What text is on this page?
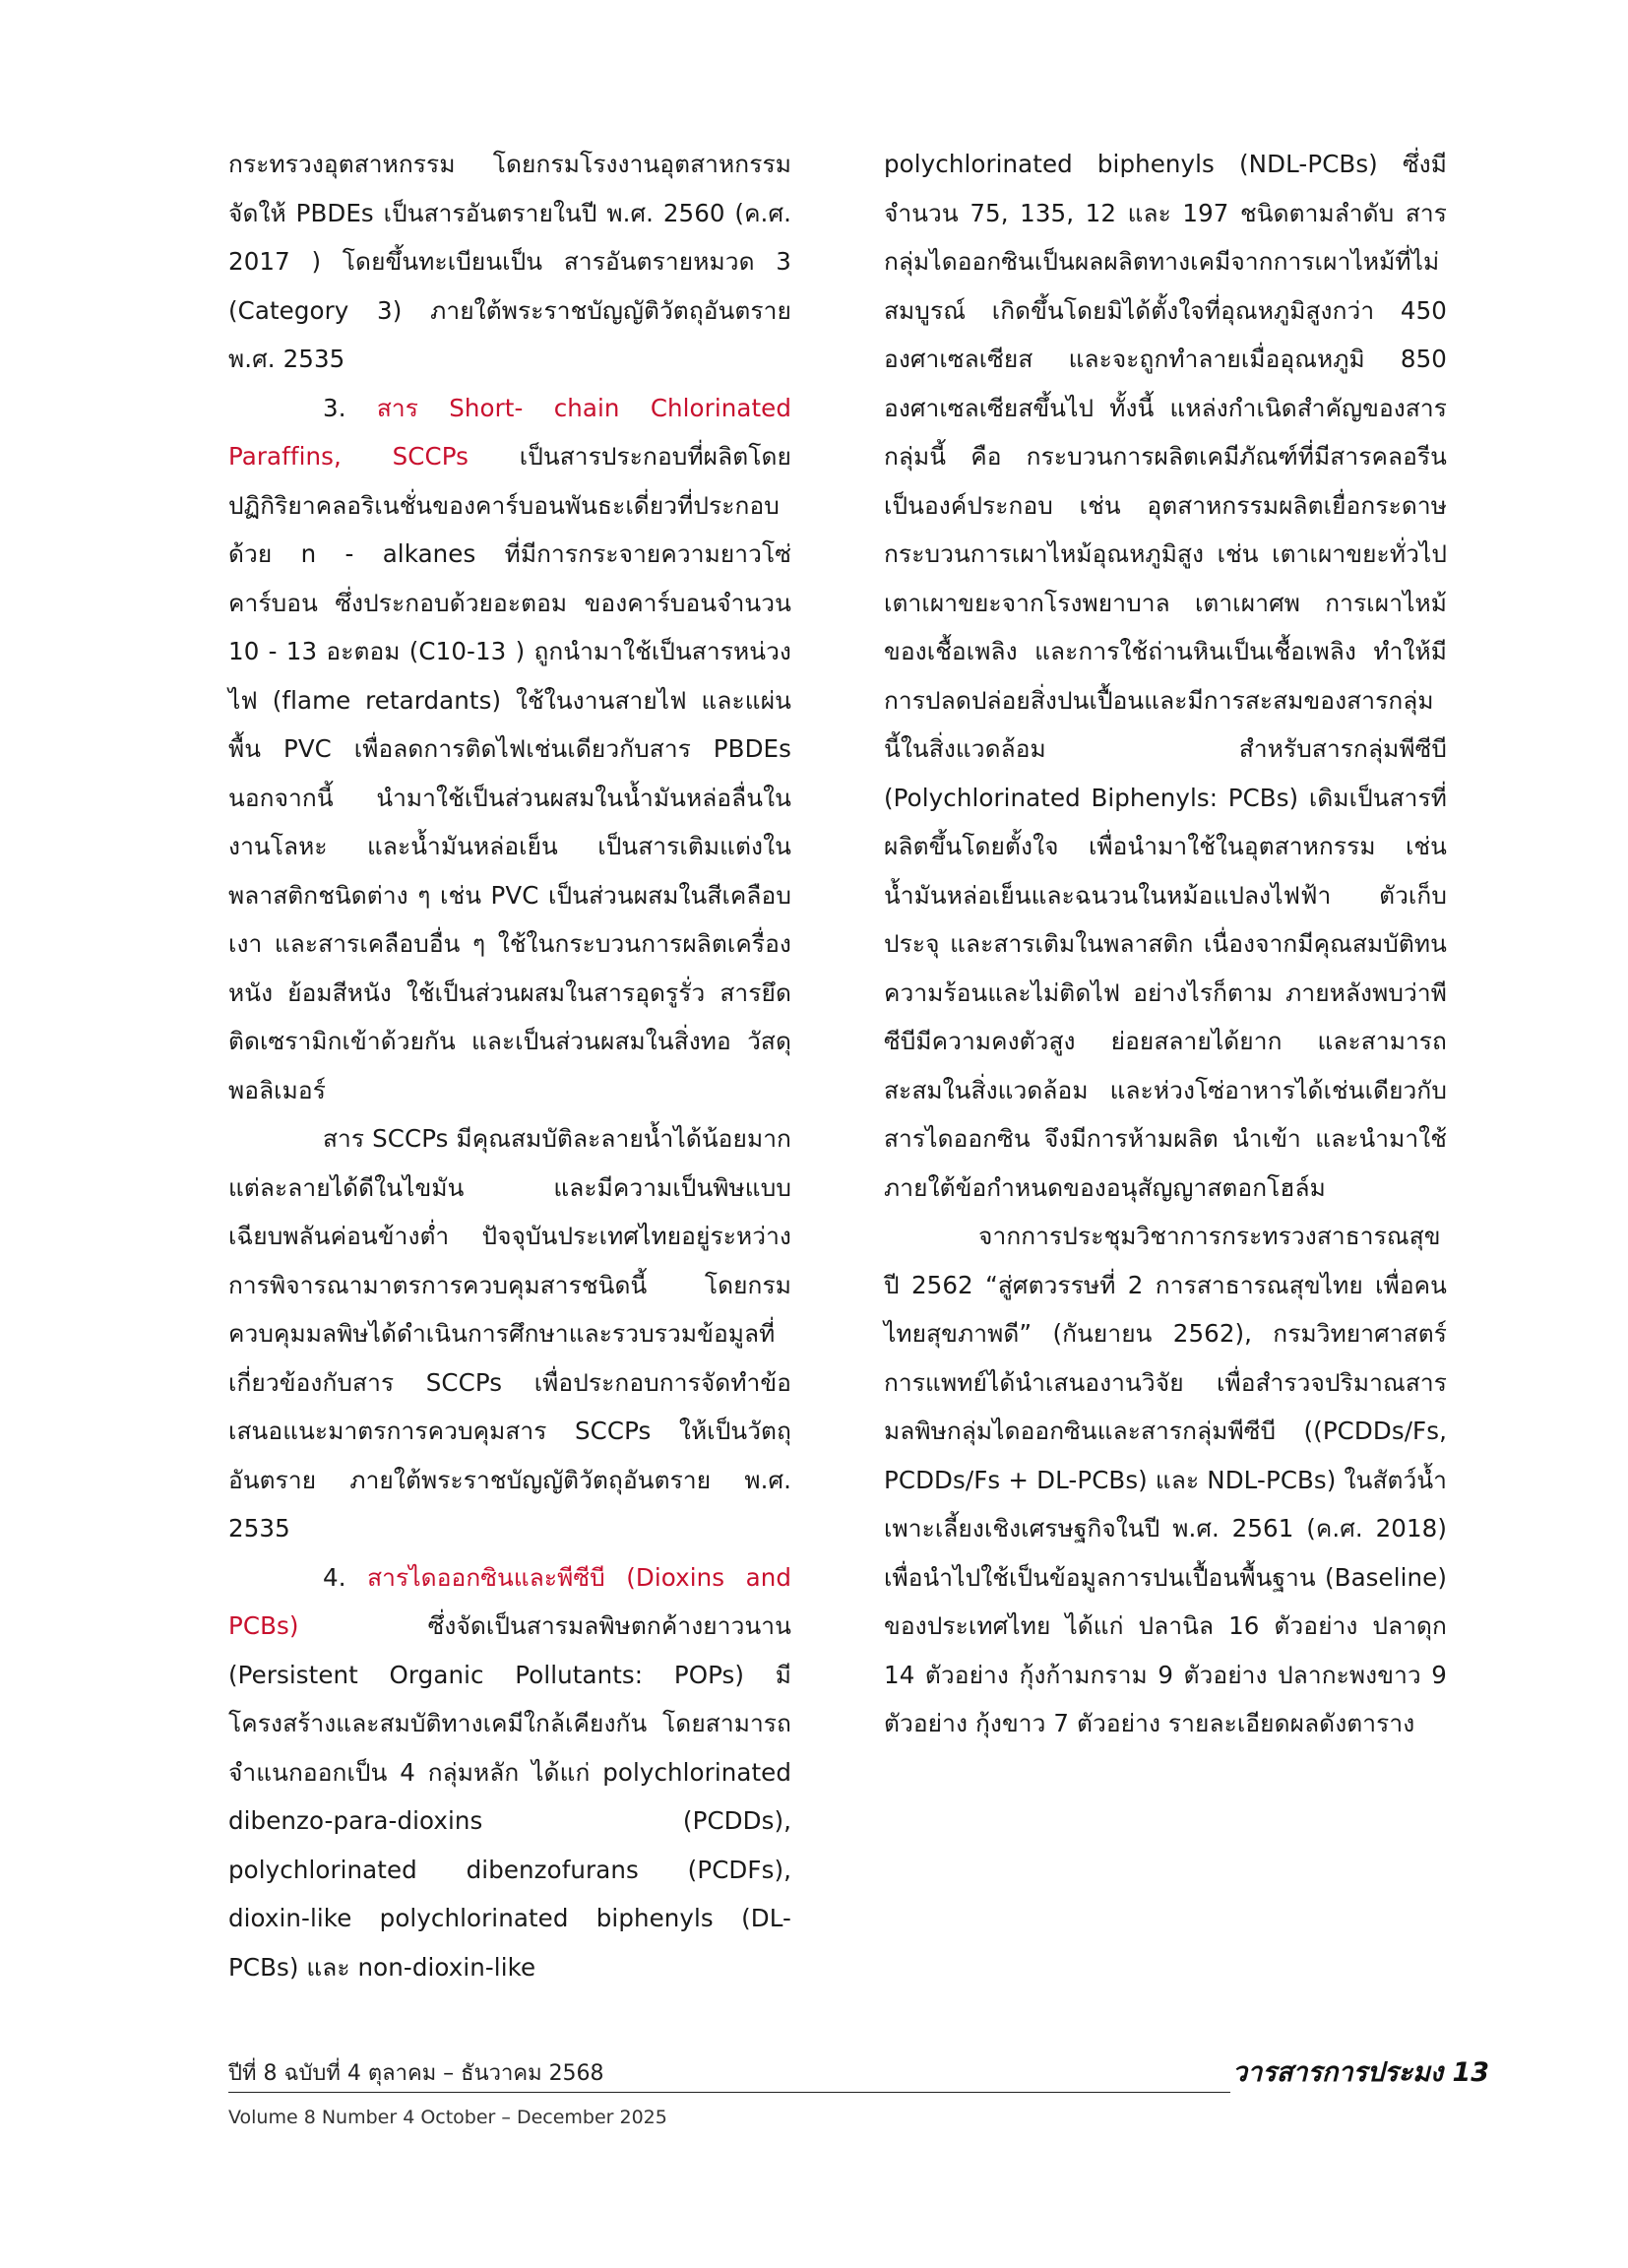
กระทรวงอุตสาหกรรม โดยกรมโรงงานอุตสาหกรรม จัดให้ PBDEs เป็นสารอันตรายในปี พ.ศ. 2560 (ค.ศ. 2017 ) โดยขึ้นทะเบียนเป็น สารอันตรายหมวด 3 (Category 3) ภายใต้พระราชบัญญัติวัตถุอันตราย พ.ศ. 2535

3. สาร Short- chain Chlorinated Paraffins, SCCPs เป็นสารประกอบที่ผลิตโดยปฏิกิริยาคลอริเนชั่นของคาร์บอนพันธะเดี่ยวที่ประกอบด้วย n - alkanes ที่มีการกระจายความยาวโซ่คาร์บอน ซึ่งประกอบด้วยอะตอม ของคาร์บอนจำนวน 10 - 13 อะตอม (C10-13 ) ถูกนำมาใช้เป็นสารหน่วงไฟ (flame retardants) ใช้ในงานสายไฟ และแผ่นพื้น PVC เพื่อลดการติดไฟเช่นเดียวกับสาร PBDEs นอกจากนี้ นำมาใช้เป็นส่วนผสมในน้ำมันหล่อลื่นในงานโลหะ และน้ำมันหล่อเย็น เป็นสารเติมแต่งในพลาสติกชนิดต่าง ๆ เช่น PVC เป็นส่วนผสมในสีเคลือบเงา และสารเคลือบอื่น ๆ ใช้ในกระบวนการผลิตเครื่องหนัง ย้อมสีหนัง ใช้เป็นส่วนผสมในสารอุดรูรั่ว สารยึดติดเซรามิกเข้าด้วยกัน และเป็นส่วนผสมในสิ่งทอ วัสดุพอลิเมอร์

สาร SCCPs มีคุณสมบัติละลายน้ำได้น้อยมาก แต่ละลายได้ดีในไขมัน และมีความเป็นพิษแบบเฉียบพลันค่อนข้างต่ำ ปัจจุบันประเทศไทยอยู่ระหว่างการพิจารณามาตรการควบคุมสารชนิดนี้ โดยกรมควบคุมมลพิษได้ดำเนินการศึกษาและรวบรวมข้อมูลที่เกี่ยวข้องกับสาร SCCPs เพื่อประกอบการจัดทำข้อเสนอแนะมาตรการควบคุมสาร SCCPs ให้เป็นวัตถุอันตราย ภายใต้พระราชบัญญัติวัตถุอันตราย พ.ศ. 2535

4. สารไดออกซินและพีซีบี (Dioxins and PCBs) ซึ่งจัดเป็นสารมลพิษตกค้างยาวนาน (Persistent Organic Pollutants: POPs) มีโครงสร้างและสมบัติทางเคมีใกล้เคียงกัน โดยสามารถจำแนกออกเป็น 4 กลุ่มหลัก ได้แก่ polychlorinated dibenzo-para-dioxins (PCDDs), polychlorinated dibenzofurans (PCDFs), dioxin-like polychlorinated biphenyls (DL-PCBs) และ non-dioxin-like

polychlorinated biphenyls (NDL-PCBs) ซึ่งมีจำนวน 75, 135, 12 และ 197 ชนิดตามลำดับ สารกลุ่มไดออกซินเป็นผลผลิตทางเคมีจากการเผาไหม้ที่ไม่สมบูรณ์ เกิดขึ้นโดยมิได้ตั้งใจที่อุณหภูมิสูงกว่า 450 องศาเซลเซียส และจะถูกทำลายเมื่ออุณหภูมิ 850 องศาเซลเซียสขึ้นไป ทั้งนี้ แหล่งกำเนิดสำคัญของสารกลุ่มนี้ คือ กระบวนการผลิตเคมีภัณฑ์ที่มีสารคลอรีนเป็นองค์ประกอบ เช่น อุตสาหกรรมผลิตเยื่อกระดาษ กระบวนการเผาไหม้อุณหภูมิสูง เช่น เตาเผาขยะทั่วไป เตาเผาขยะจากโรงพยาบาล เตาเผาศพ การเผาไหม้ของเชื้อเพลิง และการใช้ถ่านหินเป็นเชื้อเพลิง ทำให้มีการปลดปล่อยสิ่งปนเปื้อนและมีการสะสมของสารกลุ่มนี้ในสิ่งแวดล้อม สำหรับสารกลุ่มพีซีบี (Polychlorinated Biphenyls: PCBs) เดิมเป็นสารที่ผลิตขึ้นโดยตั้งใจ เพื่อนำมาใช้ในอุตสาหกรรม เช่น น้ำมันหล่อเย็นและฉนวนในหม้อแปลงไฟฟ้า ตัวเก็บประจุ และสารเติมในพลาสติก เนื่องจากมีคุณสมบัติทนความร้อนและไม่ติดไฟ อย่างไรก็ตาม ภายหลังพบว่าพีซีบีมีความคงตัวสูง ย่อยสลายได้ยาก และสามารถสะสมในสิ่งแวดล้อม และห่วงโซ่อาหารได้เช่นเดียวกับสารไดออกซิน จึงมีการห้ามผลิต นำเข้า และนำมาใช้ ภายใต้ข้อกำหนดของอนุสัญญาสตอกโฮล์ม

จากการประชุมวิชาการกระทรวงสาธารณสุข ปี 2562 “สู่ศตวรรษที่ 2 การสาธารณสุขไทย เพื่อคนไทยสุขภาพดี” (กันยายน 2562), กรมวิทยาศาสตร์การแพทย์ได้นำเสนองานวิจัย เพื่อสำรวจปริมาณสารมลพิษกลุ่มไดออกซินและสารกลุ่มพีซีบี ((PCDDs/Fs, PCDDs/Fs + DL-PCBs) และ NDL-PCBs) ในสัตว์น้ำเพาะเลี้ยงเชิงเศรษฐกิจในปี พ.ศ. 2561 (ค.ศ. 2018) เพื่อนำไปใช้เป็นข้อมูลการปนเปื้อนพื้นฐาน (Baseline) ของประเทศไทย ได้แก่ ปลานิล 16 ตัวอย่าง ปลาดุก 14 ตัวอย่าง กุ้งก้ามกราม 9 ตัวอย่าง ปลากะพงขาว 9 ตัวอย่าง กุ้งขาว 7 ตัวอย่าง รายละเอียดผลดังตาราง

ปีที่ 8 ฉบับที่ 4 ตุลาคม – ธันวาคม 2568	วารสารการประมง 13
Volume 8 Number 4 October – December 2025
